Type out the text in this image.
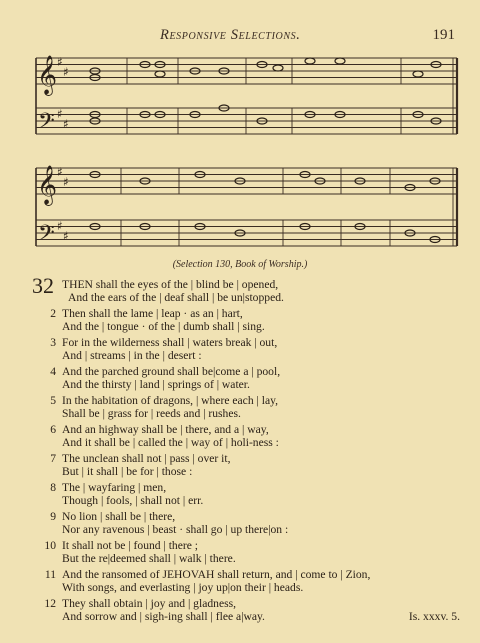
Responsive Selections.	191
𝄞
𝄢
𝄞
𝄢
♯
♯
♯
♯
♯
♯
♯
♯
(Selection 130, Book of Worship.)
32 THEN shall the eyes of the | blind be | opened,
And the ears of the | deaf shall | be un|stopped.
2 Then shall the lame | leap · as an | hart,
And the | tongue · of the | dumb shall | sing.
3 For in the wilderness shall | waters break | out,
And | streams | in the | desert :
4 And the parched ground shall be|come a | pool,
And the thirsty | land | springs of | water.
5 In the habitation of dragons, | where each | lay,
Shall be | grass for | reeds and | rushes.
6 And an highway shall be | there, and a | way,
And it shall be | called the | way of | holi-ness :
7 The unclean shall not | pass | over it,
But | it shall | be for | those :
8 The | wayfaring | men,
Though | fools, | shall not | err.
9 No lion | shall be | there,
Nor any ravenous | beast · shall go | up there|on :
10 It shall not be | found | there ;
But the re|deemed shall | walk | there.
11 And the ransomed of JEHOVAH shall return, and | come to | Zion,
With songs, and everlasting | joy up|on their | heads.
12 They shall obtain | joy and | gladness,
And sorrow and | sigh-ing shall | flee a|way.	Is. xxxv. 5.
